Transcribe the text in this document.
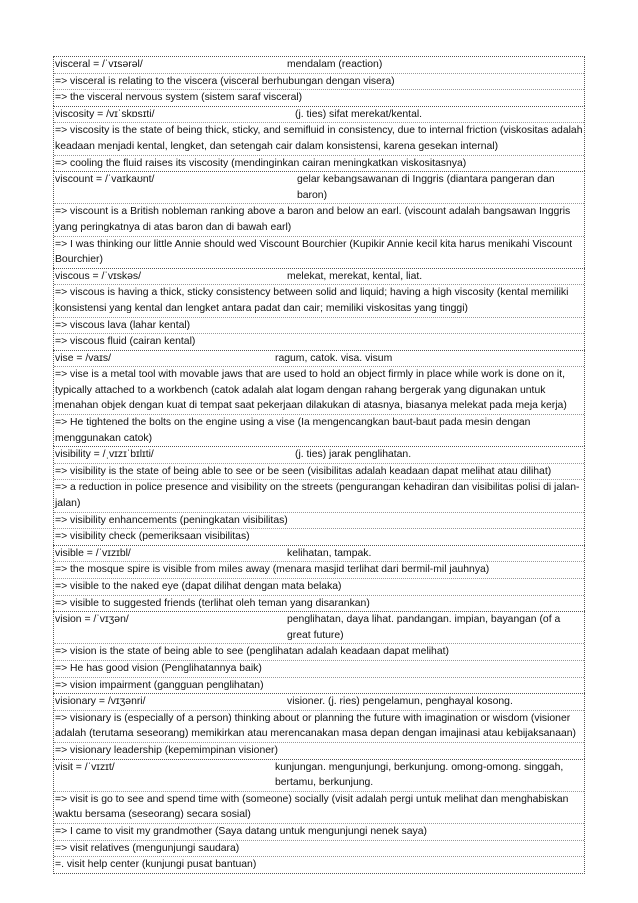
visceral = /ˈvɪsərəl/	mendalam (reaction)
=> visceral is relating to the viscera (visceral berhubungan dengan visera)
=> the visceral nervous system (sistem saraf visceral)
viscosity = /vɪˈskɒsɪti/	(j. ties) sifat merekat/kental.
=> viscosity is the state of being thick, sticky, and semifluid in consistency, due to internal friction (viskositas adalah keadaan menjadi kental, lengket, dan setengah cair dalam konsistensi, karena gesekan internal)
=> cooling the fluid raises its viscosity (mendinginkan cairan meningkatkan viskositasnya)
viscount = /ˈvaɪkaʊnt/	gelar kebangsawanan di Inggris (diantara pangeran dan baron)
=> viscount is a British nobleman ranking above a baron and below an earl. (viscount adalah bangsawan Inggris yang peringkatnya di atas baron dan di bawah earl)
=> I was thinking our little Annie should wed Viscount Bourchier (Kupikir Annie kecil kita harus menikahi Viscount Bourchier)
viscous = /ˈvɪskəs/	melekat, merekat, kental, liat.
=> viscous is having a thick, sticky consistency between solid and liquid; having a high viscosity (kental memiliki konsistensi yang kental dan lengket antara padat dan cair; memiliki viskositas yang tinggi)
=> viscous lava (lahar kental)
=> viscous fluid (cairan kental)
vise = /vaɪs/	ragum, catok. visa. visum
=> vise is a metal tool with movable jaws that are used to hold an object firmly in place while work is done on it, typically attached to a workbench (catok adalah alat logam dengan rahang bergerak yang digunakan untuk menahan objek dengan kuat di tempat saat pekerjaan dilakukan di atasnya, biasanya melekat pada meja kerja)
=> He tightened the bolts on the engine using a vise (Ia mengencangkan baut-baut pada mesin dengan menggunakan catok)
visibility = /ˌvɪzɪˈbɪlɪti/	(j. ties) jarak penglihatan.
=> visibility is the state of being able to see or be seen (visibilitas adalah keadaan dapat melihat atau dilihat)
=> a reduction in police presence and visibility on the streets (pengurangan kehadiran dan visibilitas polisi di jalan-jalan)
=> visibility enhancements (peningkatan visibilitas)
=> visibility check (pemeriksaan visibilitas)
visible = /ˈvɪzɪbl/	kelihatan, tampak.
=> the mosque spire is visible from miles away (menara masjid terlihat dari bermil-mil jauhnya)
=> visible to the naked eye (dapat dilihat dengan mata belaka)
=> visible to suggested friends (terlihat oleh teman yang disarankan)
vision = /ˈvɪʒən/	penglihatan, daya lihat. pandangan. impian, bayangan (of a great future)
=> vision is the state of being able to see (penglihatan adalah keadaan dapat melihat)
=> He has good vision (Penglihatannya baik)
=> vision impairment (gangguan penglihatan)
visionary = /vɪʒənri/	visioner. (j. ries) pengelamun, penghayal kosong.
=> visionary is (especially of a person) thinking about or planning the future with imagination or wisdom (visioner adalah (terutama seseorang) memikirkan atau merencanakan masa depan dengan imajinasi atau kebijaksanaan)
=> visionary leadership (kepemimpinan visioner)
visit = /ˈvɪzɪt/	kunjungan. mengunjungi, berkunjung. omong-omong. singgah, bertamu, berkunjung.
=> visit is go to see and spend time with (someone) socially (visit adalah pergi untuk melihat dan menghabiskan waktu bersama (seseorang) secara sosial)
=> I came to visit my grandmother (Saya datang untuk mengunjungi nenek saya)
=> visit relatives (mengunjungi saudara)
=. visit help center (kunjungi pusat bantuan)
